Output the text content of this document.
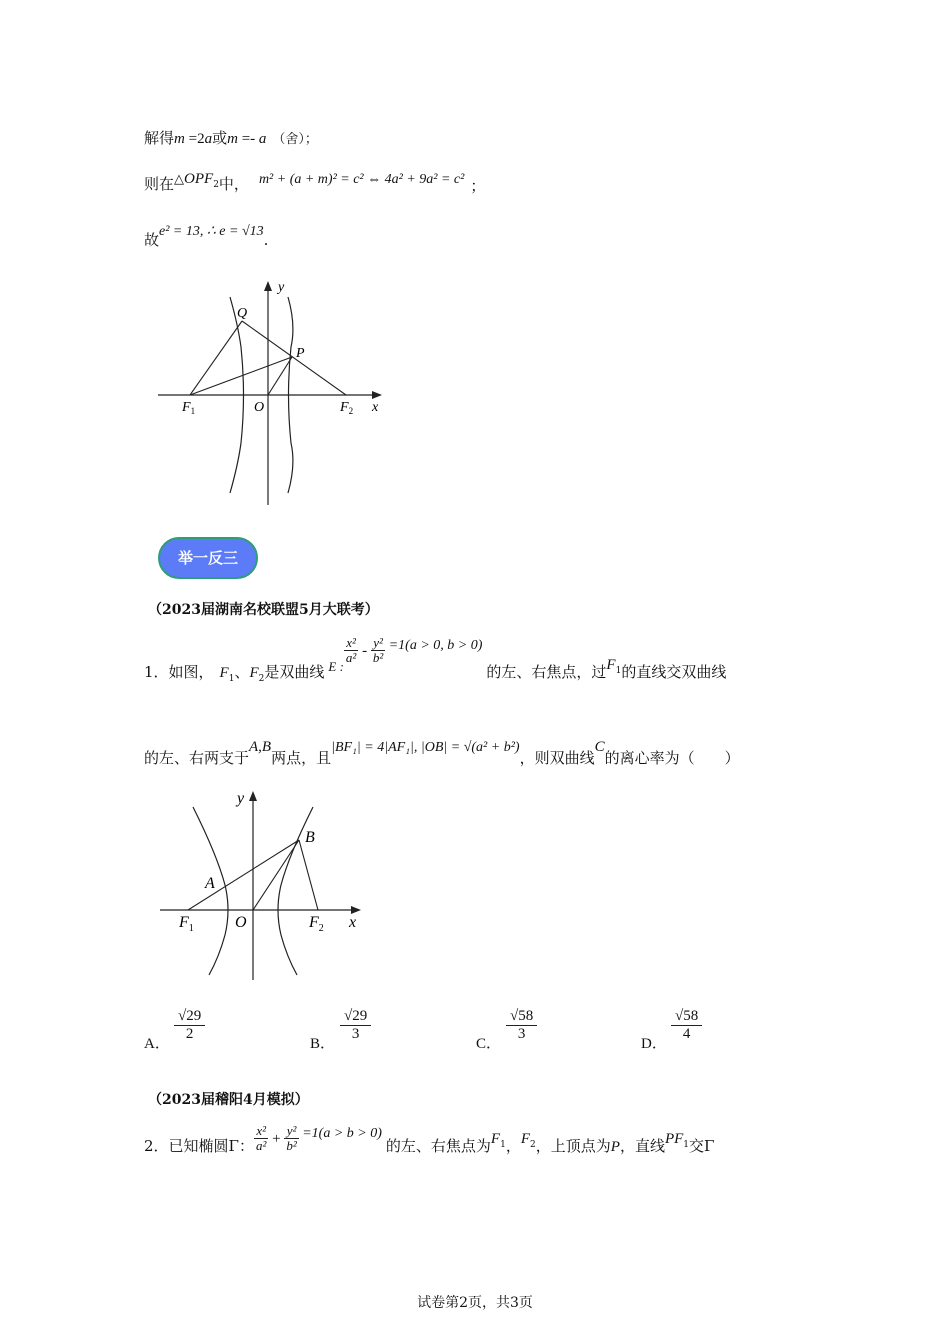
解得m =2a或m =- a （舍）；
则在$\triangle OPF_2$中， m² + (a + m)² = c² ⇔ 4a² + 9a² = c² ；
故e² = 13, ∴ e = √13.
y
x
Q
P
O
$F_1$	$F_2$
举一反三
（2023届湖南名校联盟5月大联考）
1．如图， $F_1$、$F_2$是双曲线 E :
$\frac{\text{x²}}{\text{a²}} - \frac{\text{y²}}{\text{b²}} =1(a > 0$, b > 0)的左、右焦点，过$F_1$的直线交双曲线
的左、右两支于A,B两点，且|BF₁| = 4|AF₁|, |OB| = √(a² + b²)，则双曲线C的离心率为（　　）
y
x
A
B
O
$F_1$	$F_2$
A．
$\frac{√29}{2}$
B．
$\frac{√29}{3}$
C．
$\frac{√58}{3}$
D．
$\frac{√58}{4}$
（2023届稽阳4月模拟）
2．已知椭圆Γ： $\frac{\text{x²}}{\text{a²}} + \frac{\text{y²}}{\text{b²}} =1(a > b > 0)$的左、右焦点为$F_1$，$F_2$，上顶点为P，直线$PF_1$交Γ
试卷第2页，共3页
